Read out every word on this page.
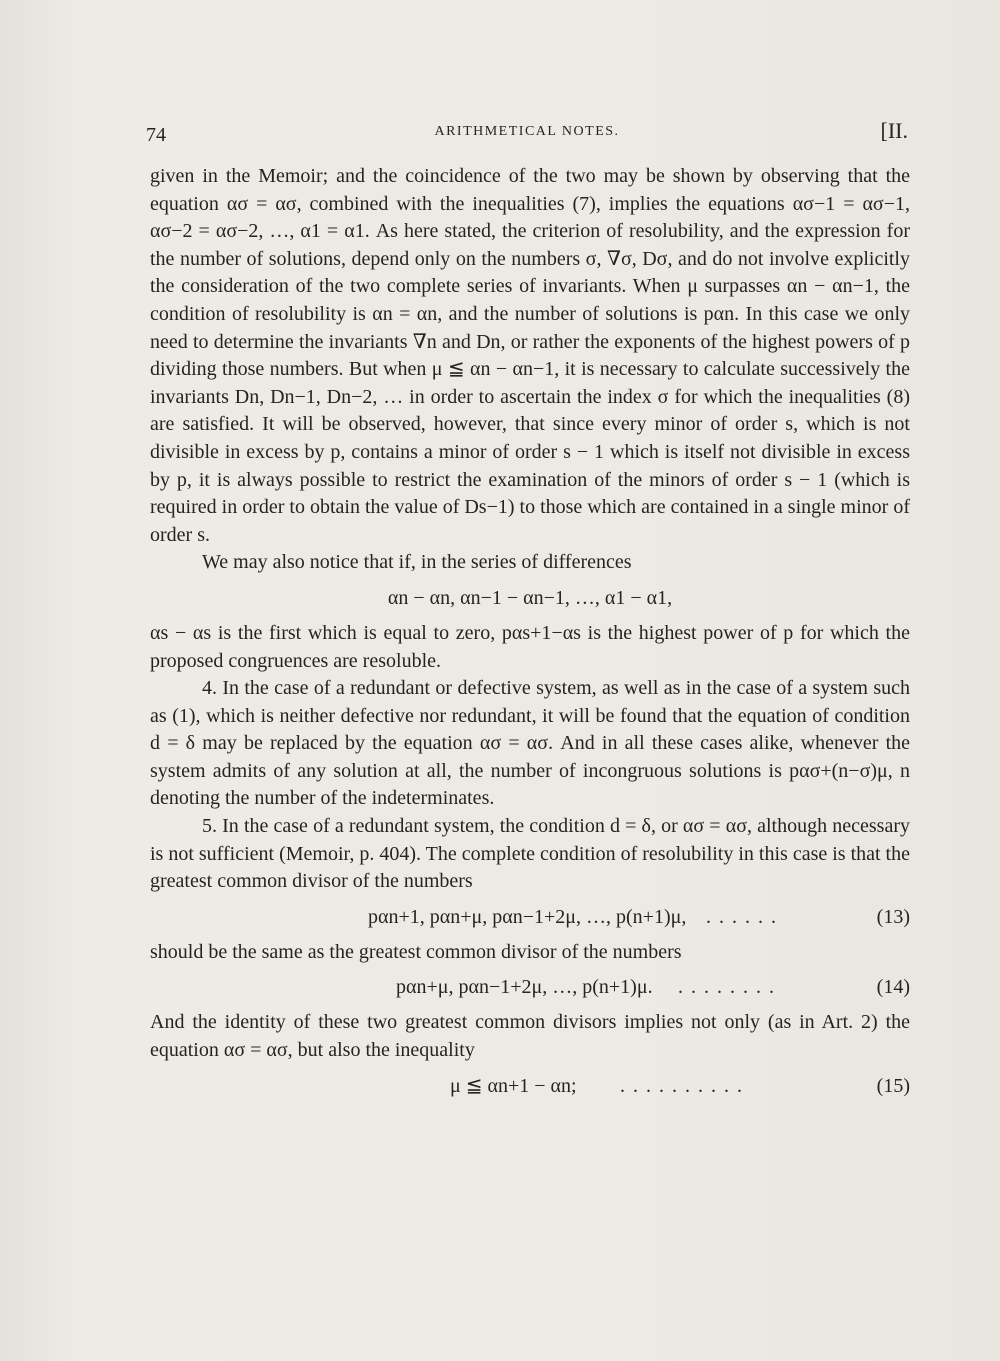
74	ARITHMETICAL NOTES.	[II.

given in the Memoir; and the coincidence of the two may be shown by observing that the equation ασ = ασ, combined with the inequalities (7), implies the equations ασ−1 = ασ−1, ασ−2 = ασ−2, …, α1 = α1. As here stated, the criterion of resolubility, and the expression for the number of solutions, depend only on the numbers σ, ∇σ, Dσ, and do not involve explicitly the consideration of the two complete series of invariants. When μ surpasses αn − αn−1, the condition of resolubility is αn = αn, and the number of solutions is pαn. In this case we only need to determine the invariants ∇n and Dn, or rather the exponents of the highest powers of p dividing those numbers. But when μ ≦ αn − αn−1, it is necessary to calculate successively the invariants Dn, Dn−1, Dn−2, … in order to ascertain the index σ for which the inequalities (8) are satisfied. It will be observed, however, that since every minor of order s, which is not divisible in excess by p, contains a minor of order s − 1 which is itself not divisible in excess by p, it is always possible to restrict the examination of the minors of order s − 1 (which is required in order to obtain the value of Ds−1) to those which are contained in a single minor of order s.

We may also notice that if, in the series of differences

αn − αn, αn−1 − αn−1, …, α1 − α1,

αs − αs is the first which is equal to zero, pαs+1−αs is the highest power of p for which the proposed congruences are resoluble.

4. In the case of a redundant or defective system, as well as in the case of a system such as (1), which is neither defective nor redundant, it will be found that the equation of condition d = δ may be replaced by the equation ασ = ασ. And in all these cases alike, whenever the system admits of any solution at all, the number of incongruous solutions is pασ+(n−σ)μ, n denoting the number of the indeterminates.

5. In the case of a redundant system, the condition d = δ, or ασ = ασ, although necessary is not sufficient (Memoir, p. 404). The complete condition of resolubility in this case is that the greatest common divisor of the numbers

pαn+1, pαn+μ, pαn−1+2μ, …, p(n+1)μ, ......	(13)

should be the same as the greatest common divisor of the numbers

pαn+μ, pαn−1+2μ, …, p(n+1)μ. ........	(14)

And the identity of these two greatest common divisors implies not only (as in Art. 2) the equation ασ = ασ, but also the inequality

μ ≦ αn+1 − αn; ..........	(15)
